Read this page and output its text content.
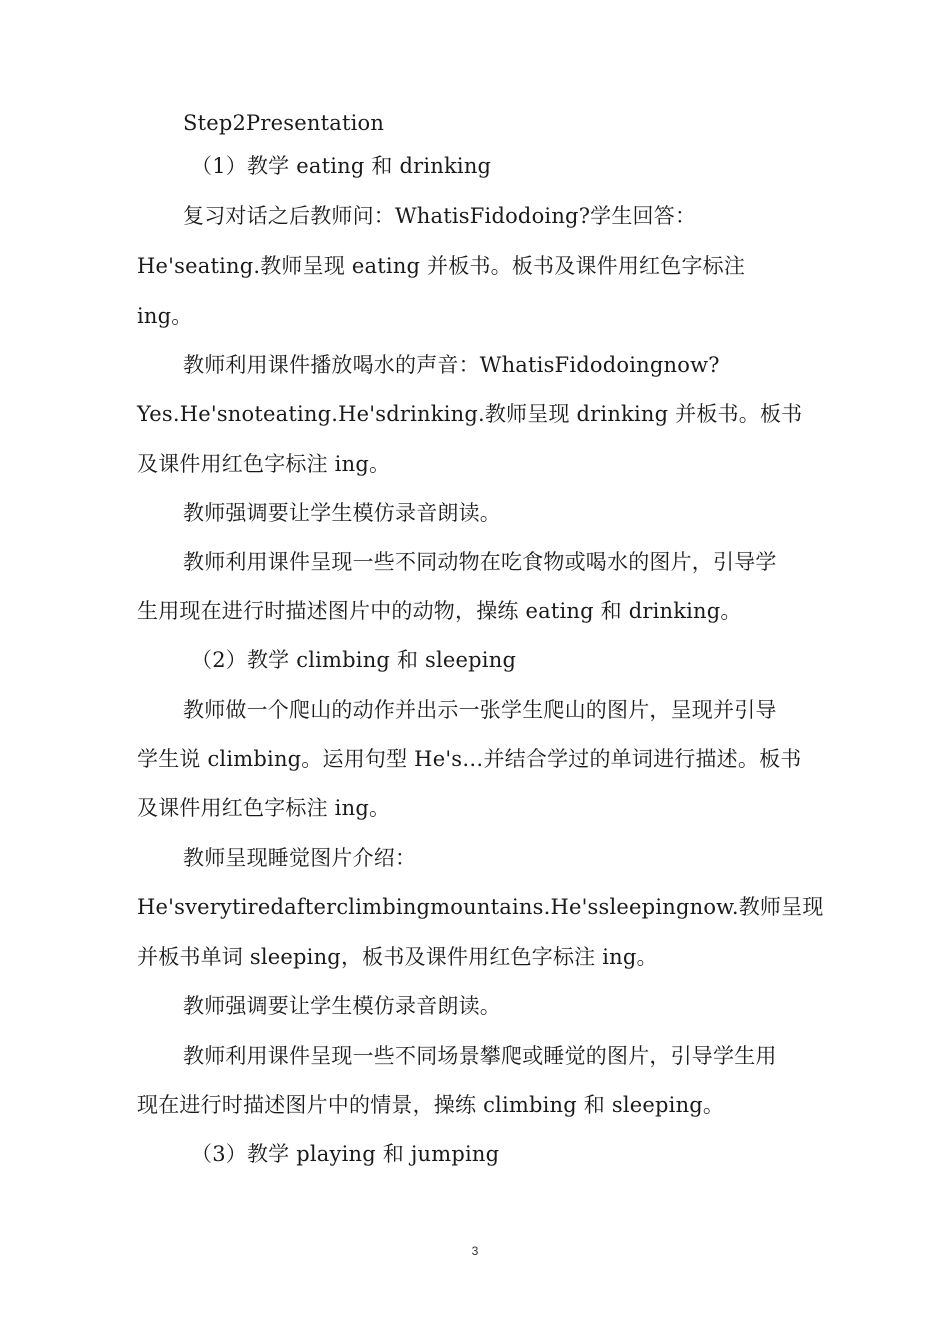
Step2Presentation
（1）教学 eating 和 drinking
复习对话之后教师问：WhatisFidodoing?学生回答：
He'seating.教师呈现 eating 并板书。板书及课件用红色字标注
ing。
教师利用课件播放喝水的声音：WhatisFidodoingnow?
Yes.He'snoteating.He'sdrinking.教师呈现 drinking 并板书。板书
及课件用红色字标注 ing。
教师强调要让学生模仿录音朗读。
教师利用课件呈现一些不同动物在吃食物或喝水的图片，引导学
生用现在进行时描述图片中的动物，操练 eating 和 drinking。
（2）教学 climbing 和 sleeping
教师做一个爬山的动作并出示一张学生爬山的图片，呈现并引导
学生说 climbing。运用句型 He's…并结合学过的单词进行描述。板书
及课件用红色字标注 ing。
教师呈现睡觉图片介绍：
He'sverytiredafterclimbingmountains.He'ssleepingnow.教师呈现
并板书单词 sleeping，板书及课件用红色字标注 ing。
教师强调要让学生模仿录音朗读。
教师利用课件呈现一些不同场景攀爬或睡觉的图片，引导学生用
现在进行时描述图片中的情景，操练 climbing 和 sleeping。
（3）教学 playing 和 jumping
3
